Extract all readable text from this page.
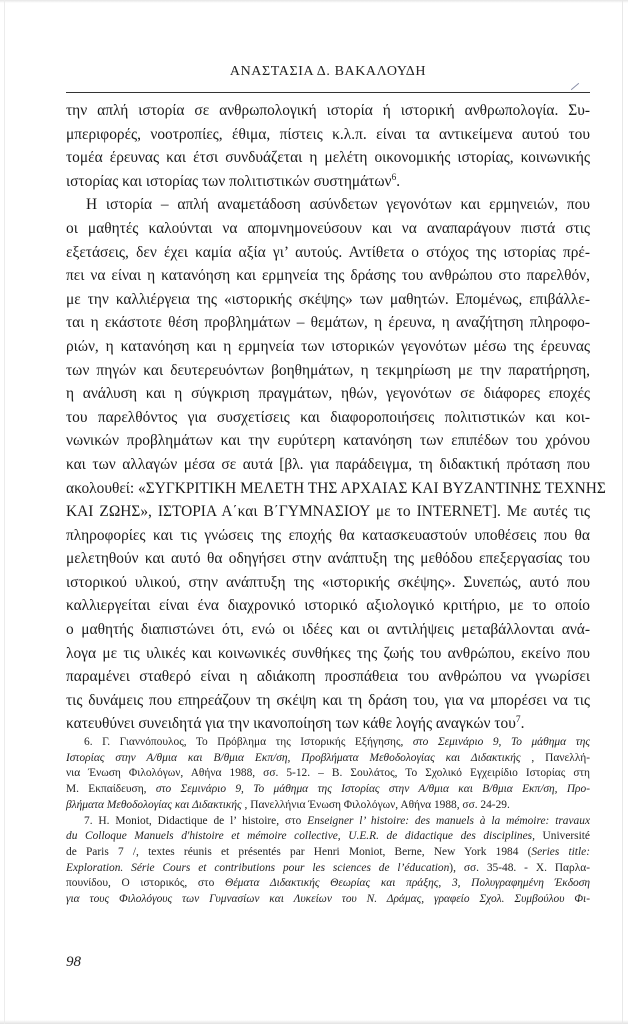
ΑΝΑΣΤΑΣΙΑ Δ. ΒΑΚΑΛΟΥΔΗ

την απλή ιστορία σε ανθρωπολογική ιστορία ή ιστορική ανθρωπολογία. Συ-
μπεριφορές, νοοτροπίες, έθιμα, πίστεις κ.λ.π. είναι τα αντικείμενα αυτού του
τομέα έρευνας και έτσι συνδυάζεται η μελέτη οικονομικής ιστορίας, κοινωνικής
ιστορίας και ιστορίας των πολιτιστικών συστημάτων$^6$.

Η ιστορία – απλή αναμετάδοση ασύνδετων γεγονότων και ερμηνειών, που
οι μαθητές καλούνται να απομνημονεύσουν και να αναπαράγουν πιστά στις
εξετάσεις, δεν έχει καμία αξία γι’ αυτούς. Αντίθετα ο στόχος της ιστορίας πρέ-
πει να είναι η κατανόηση και ερμηνεία της δράσης του ανθρώπου στο παρελθόν,
με την καλλιέργεια της «ιστορικής σκέψης» των μαθητών. Επομένως, επιβάλλε-
ται η εκάστοτε θέση προβλημάτων – θεμάτων, η έρευνα, η αναζήτηση πληροφο-
ριών, η κατανόηση και η ερμηνεία των ιστορικών γεγονότων μέσω της έρευνας
των πηγών και δευτερευόντων βοηθημάτων, η τεκμηρίωση με την παρατήρηση,
η ανάλυση και η σύγκριση πραγμάτων, ηθών, γεγονότων σε διάφορες εποχές
του παρελθόντος για συσχετίσεις και διαφοροποιήσεις πολιτιστικών και κοι-
νωνικών προβλημάτων και την ευρύτερη κατανόηση των επιπέδων του χρόνου
και των αλλαγών μέσα σε αυτά [βλ. για παράδειγμα, τη διδακτική πρόταση που
ακολουθεί: «ΣΥΓΚΡΙΤΙΚΗ ΜΕΛΕΤΗ ΤΗΣ ΑΡΧΑΙΑΣ ΚΑΙ ΒΥΖΑΝΤΙΝΗΣ ΤΕΧΝΗΣ
ΚΑΙ ΖΩΗΣ», ΙΣΤΟΡΙΑ Α΄και Β΄ΓΥΜΝΑΣΙΟΥ με το INTERNET]. Με αυτές τις
πληροφορίες και τις γνώσεις της εποχής θα κατασκευαστούν υποθέσεις που θα
μελετηθούν και αυτό θα οδηγήσει στην ανάπτυξη της μεθόδου επεξεργασίας του
ιστορικού υλικού, στην ανάπτυξη της «ιστορικής σκέψης». Συνεπώς, αυτό που
καλλιεργείται είναι ένα διαχρονικό ιστορικό αξιολογικό κριτήριο, με το οποίο
ο μαθητής διαπιστώνει ότι, ενώ οι ιδέες και οι αντιλήψεις μεταβάλλονται ανά-
λογα με τις υλικές και κοινωνικές συνθήκες της ζωής του ανθρώπου, εκείνο που
παραμένει σταθερό είναι η αδιάκοπη προσπάθεια του ανθρώπου να γνωρίσει
τις δυνάμεις που επηρεάζουν τη σκέψη και τη δράση του, για να μπορέσει να τις
κατευθύνει συνειδητά για την ικανοποίηση των κάθε λογής αναγκών του$^7$.

6. Γ. Γιαννόπουλος, Το Πρόβλημα της Ιστορικής Εξήγησης, στο Σεμινάριο 9, Το μάθημα της
Ιστορίας στην Α/θμια και Β/θμια Εκπ/ση, Προβλήματα Μεθοδολογίας και Διδακτικής , Πανελλή-
νια Ένωση Φιλολόγων, Αθήνα 1988, σσ. 5-12. – Β. Σουλάτος, Το Σχολικό Εγχειρίδιο Ιστορίας στη
Μ. Εκπαίδευση, στο Σεμινάριο 9, Το μάθημα της Ιστορίας στην Α/θμια και Β/θμια Εκπ/ση, Προ-
βλήματα Μεθοδολογίας και Διδακτικής , Πανελλήνια Ένωση Φιλολόγων, Αθήνα 1988, σσ. 24-29.
7. H. Moniot, Didactique de l’ histoire, στο Enseigner l’ histoire: des manuels à la mémoire: travaux
du Colloque Manuels d'histoire et mémoire collective, U.E.R. de didactique des disciplines, Université
de Paris 7 /, textes réunis et présentés par Henri Moniot, Berne, New York 1984 (Series title:
Exploration. Série Cours et contributions pour les sciences de l’éducation), σσ. 35-48. - Χ. Παρλα-
πουνίδου, Ο ιστορικός, στο Θέματα Διδακτικής Θεωρίας και πράξης, 3, Πολυγραφημένη Έκδοση
για τους Φιλολόγους των Γυμνασίων και Λυκείων του Ν. Δράμας, γραφείο Σχολ. Συμβούλου Φι-
98
